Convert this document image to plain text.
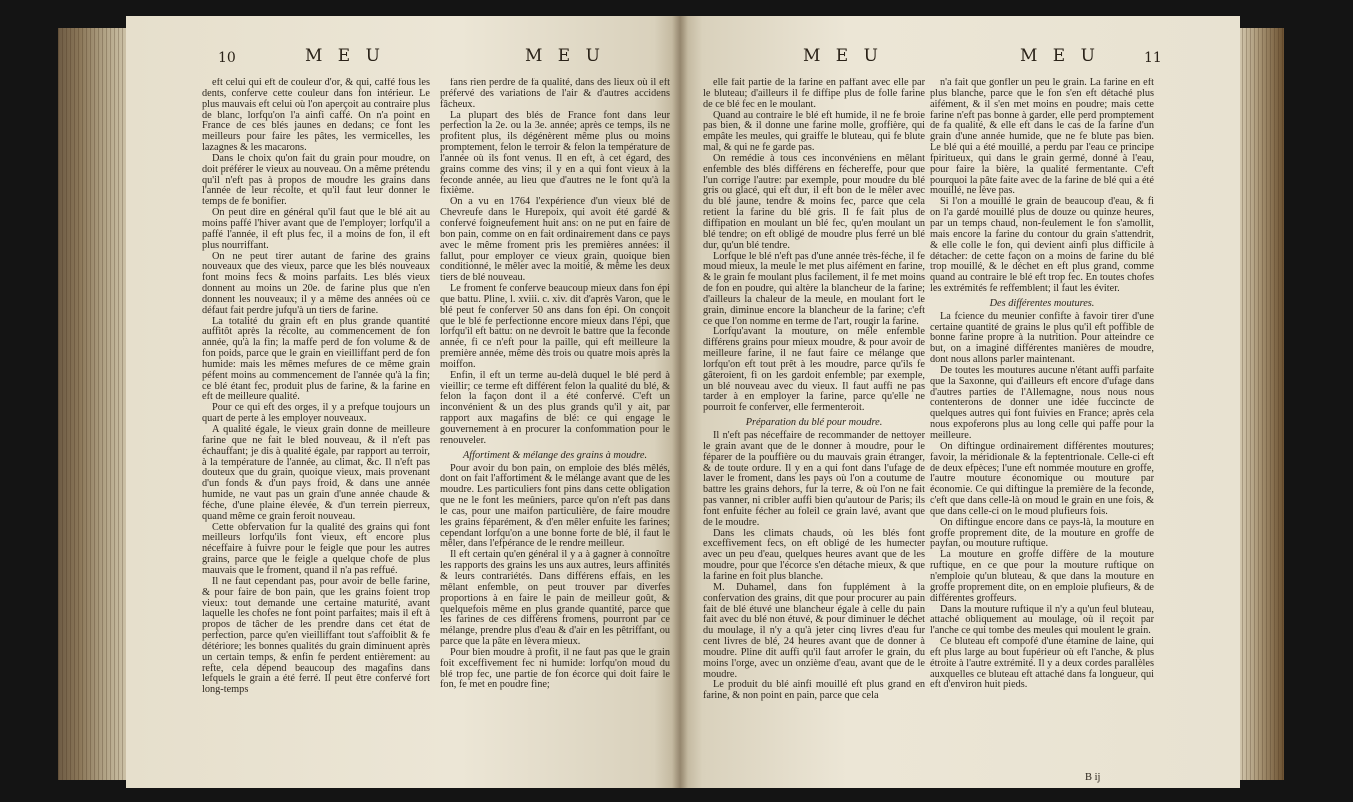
10	M E U	M E U	M E U	M E U	11

eft celui qui eft de couleur d'or, & qui, caffé fous les dents, conferve cette couleur dans fon intérieur. Le plus mauvais eft celui où l'on aperçoit au contraire plus de blanc, lorfqu'on l'a ainfi caffé. On n'a point en France de ces blés jaunes en dedans; ce font les meilleurs pour faire les pâtes, les vermicelles, les lazagnes & les macarons.

Dans le choix qu'on fait du grain pour moudre, on doit préférer le vieux au nouveau. On a même prétendu qu'il n'eft pas à propos de moudre les grains dans l'année de leur récolte, et qu'il faut leur donner le temps de fe bonifier.

On peut dire en général qu'il faut que le blé ait au moins paffé l'hiver avant que de l'employer; lorfqu'il a paffé l'année, il eft plus fec, il a moins de fon, il eft plus nourriffant.

On ne peut tirer autant de farine des grains nouveaux que des vieux, parce que les blés nouveaux font moins fecs & moins parfaits. Les blés vieux donnent au moins un 20e. de farine plus que n'en donnent les nouveaux; il y a même des années où ce défaut fait perdre jufqu'à un tiers de farine.

La totalité du grain eft en plus grande quantité auffitôt après la récolte, au commencement de fon année, qu'à la fin; la maffe perd de fon volume & de fon poids, parce que le grain en vieilliffant perd de fon humide: mais les mêmes mefures de ce même grain péfent moins au commencement de l'année qu'à la fin; ce blé étant fec, produit plus de farine, & la farine en eft de meilleure qualité.

Pour ce qui eft des orges, il y a prefque toujours un quart de perte à les employer nouveaux.

A qualité égale, le vieux grain donne de meilleure farine que ne fait le bled nouveau, & il n'eft pas échauffant; je dis à qualité égale, par rapport au terroir, à la température de l'année, au climat, &c. Il n'eft pas douteux que du grain, quoique vieux, mais provenant d'un fonds & d'un pays froid, & dans une année humide, ne vaut pas un grain d'une année chaude & féche, d'une plaine élevée, & d'un terrein pierreux, quand même ce grain feroit nouveau.

Cette obfervation fur la qualité des grains qui font meilleurs lorfqu'ils font vieux, eft encore plus néceffaire à fuivre pour le feigle que pour les autres grains, parce que le feigle a quelque chofe de plus mauvais que le froment, quand il n'a pas reffué.

Il ne faut cependant pas, pour avoir de belle farine, & pour faire de bon pain, que les grains foient trop vieux: tout demande une certaine maturité, avant laquelle les chofes ne font point parfaites; mais il eft à propos de tâcher de les prendre dans cet état de perfection, parce qu'en vieilliffant tout s'affoiblit & fe détériore; les bonnes qualités du grain diminuent après un certain temps, & enfin fe perdent entièrement: au refte, cela dépend beaucoup des magafins dans lefquels le grain a été ferré. Il peut être confervé fort long-temps

fans rien perdre de fa qualité, dans des lieux où il eft préfervé des variations de l'air & d'autres accidens fâcheux.

La plupart des blés de France font dans leur perfection la 2e. ou la 3e. année; après ce temps, ils ne profitent plus, ils dégénèrent même plus ou moins promptement, felon le terroir & felon la température de l'année où ils font venus. Il en eft, à cet égard, des grains comme des vins; il y en a qui font vieux à la feconde année, au lieu que d'autres ne le font qu'à la fixième.

On a vu en 1764 l'expérience d'un vieux blé de Chevreufe dans le Hurepoix, qui avoit été gardé & confervé foigneufement huit ans: on ne put en faire de bon pain, comme on en fait ordinairement dans ce pays avec le même froment pris les premières années: il fallut, pour employer ce vieux grain, quoique bien conditionné, le mêler avec la moitié, & même les deux tiers de blé nouveau.

Le froment fe conferve beaucoup mieux dans fon épi que battu. Pline, l. xviii. c. xiv. dit d'après Varon, que le blé peut fe conferver 50 ans dans fon épi. On conçoit que le blé fe perfectionne encore mieux dans l'épi, que lorfqu'il eft battu: on ne devroit le battre que la feconde année, fi ce n'eft pour la paille, qui eft meilleure la première année, même dès trois ou quatre mois après la moiffon.

Enfin, il eft un terme au-delà duquel le blé perd à vieillir; ce terme eft différent felon la qualité du blé, & felon la façon dont il a été confervé. C'eft un inconvénient & un des plus grands qu'il y ait, par rapport aux magafins de blé: ce qui engage le gouvernement à en procurer la confommation pour le renouveler.

Affortiment & mélange des grains à moudre.

Pour avoir du bon pain, on emploie des blés mêlés, dont on fait l'affortiment & le mélange avant que de les moudre. Les particuliers font pins dans cette obligation que ne le font les meûniers, parce qu'on n'eft pas dans le cas, pour une maifon particulière, de faire moudre les grains féparément, & d'en mêler enfuite les farines; cependant lorfqu'on a une bonne forte de blé, il faut le mêler, dans l'efpérance de le rendre meilleur.

Il eft certain qu'en général il y a à gagner à connoître les rapports des grains les uns aux autres, leurs affinités & leurs contrariétés. Dans différens effais, en les mêlant enfemble, on peut trouver par diverfes proportions à en faire le pain de meilleur goût, & quelquefois même en plus grande quantité, parce que les farines de ces différens fromens, pourront par ce mélange, prendre plus d'eau & d'air en les pêtriffant, ou parce que la pâte en lèvera mieux.

Pour bien moudre à profit, il ne faut pas que le grain foit exceffivement fec ni humide: lorfqu'on moud du blé trop fec, une partie de fon écorce qui doit faire le fon, fe met en poudre fine;

elle fait partie de la farine en paffant avec elle par le bluteau; d'ailleurs il fe diffipe plus de folle farine de ce blé fec en le moulant.

Quand au contraire le blé eft humide, il ne fe broie pas bien, & il donne une farine molle, groffière, qui empâte les meules, qui graiffe le bluteau, qui fe blute mal, & qui ne fe garde pas.

On remédie à tous ces inconvéniens en mêlant enfemble des blés différens en féchereffe, pour que l'un corrige l'autre: par exemple, pour moudre du blé gris ou glacé, qui eft dur, il eft bon de le mêler avec du blé jaune, tendre & moins fec, parce que cela retient la farine du blé gris. Il fe fait plus de diffipation en moulant un blé fec, qu'en moulant un blé tendre; on eft obligé de moudre plus ferré un blé dur, qu'un blé tendre.

Lorfque le blé n'eft pas d'une année très-féche, il fe moud mieux, la meule le met plus aifément en farine, & le grain fe moulant plus facilement, il fe met moins de fon en poudre, qui altère la blancheur de la farine; d'ailleurs la chaleur de la meule, en moulant fort le grain, diminue encore la blancheur de la farine; c'eft ce que l'on nomme en terme de l'art, rougir la farine.

Lorfqu'avant la mouture, on mêle enfemble différens grains pour mieux moudre, & pour avoir de meilleure farine, il ne faut faire ce mélange que lorfqu'on eft tout prêt à les moudre, parce qu'ils fe gâteroient, fi on les gardoit enfemble; par exemple, un blé nouveau avec du vieux. Il faut auffi ne pas tarder à en employer la farine, parce qu'elle ne pourroit fe conferver, elle fermenteroit.

Préparation du blé pour moudre.

Il n'eft pas néceffaire de recommander de nettoyer le grain avant que de le donner à moudre, pour le féparer de la pouffière ou du mauvais grain étranger, & de toute ordure. Il y en a qui font dans l'ufage de laver le froment, dans les pays où l'on a coutume de battre les grains dehors, fur la terre, & où l'on ne fait pas vanner, ni cribler auffi bien qu'autour de Paris; ils font enfuite fécher au foleil ce grain lavé, avant que de le moudre.

Dans les climats chauds, où les blés font exceffivement fecs, on eft obligé de les humecter avec un peu d'eau, quelques heures avant que de les moudre, pour que l'écorce s'en détache mieux, & que la farine en foit plus blanche.

M. Duhamel, dans fon fupplément à la confervation des grains, dit que pour procurer au pain fait de blé étuvé une blancheur égale à celle du pain fait avec du blé non étuvé, & pour diminuer le déchet du moulage, il n'y a qu'à jeter cinq livres d'eau fur cent livres de blé, 24 heures avant que de donner à moudre. Pline dit auffi qu'il faut arrofer le grain, du moins l'orge, avec un onzième d'eau, avant que de le moudre.

Le produit du blé ainfi mouillé eft plus grand en farine, & non point en pain, parce que cela

n'a fait que gonfler un peu le grain. La farine en eft plus blanche, parce que le fon s'en eft détaché plus aifément, & il s'en met moins en poudre; mais cette farine n'eft pas bonne à garder, elle perd promptement de fa qualité, & elle eft dans le cas de la farine d'un grain d'une année humide, que ne fe blute pas bien. Le blé qui a été mouillé, a perdu par l'eau ce principe fpiritueux, qui dans le grain germé, donné à l'eau, pour faire la bière, la qualité fermentante. C'eft pourquoi la pâte faite avec de la farine de blé qui a été mouillé, ne lève pas.

Si l'on a mouillé le grain de beaucoup d'eau, & fi on l'a gardé mouillé plus de douze ou quinze heures, par un temps chaud, non-feulement le fon s'amollit, mais encore la farine du contour du grain s'attendrit, & elle colle le fon, qui devient ainfi plus difficile à détacher: de cette façon on a moins de farine du blé trop mouillé, & le déchet en eft plus grand, comme quand au contraire le blé eft trop fec. En toutes chofes les extrémités fe reffemblent; il faut les éviter.

Des différentes moutures.

La fcience du meunier confifte à favoir tirer d'une certaine quantité de grains le plus qu'il eft poffible de bonne farine propre à la nutrition. Pour atteindre ce but, on a imaginé différentes manières de moudre, dont nous allons parler maintenant.

De toutes les moutures aucune n'étant auffi parfaite que la Saxonne, qui d'ailleurs eft encore d'ufage dans d'autres parties de l'Allemagne, nous nous nous contenterons de donner une idée fuccincte de quelques autres qui font fuivies en France; après cela nous expoferons plus au long celle qui paffe pour la meilleure.

On diftingue ordinairement différentes moutures; favoir, la méridionale & la feptentrionale. Celle-ci eft de deux efpèces; l'une eft nommée mouture en groffe, l'autre mouture économique ou mouture par économie. Ce qui diftingue la première de la feconde, c'eft que dans celle-là on moud le grain en une fois, & que dans celle-ci on le moud plufieurs fois.

On diftingue encore dans ce pays-là, la mouture en groffe proprement dite, de la mouture en groffe de payfan, ou mouture ruftique.

La mouture en groffe diffère de la mouture ruftique, en ce que pour la mouture ruftique on n'emploie qu'un bluteau, & que dans la mouture en groffe proprement dite, on en emploie plufieurs, & de différentes groffeurs.

Dans la mouture ruftique il n'y a qu'un feul bluteau, attaché obliquement au moulage, où il reçoit par l'anche ce qui tombe des meules qui moulent le grain.

Ce bluteau eft compofé d'une étamine de laine, qui eft plus large au bout fupérieur où eft l'anche, & plus étroite à l'autre extrémité. Il y a deux cordes parallèles auxquelles ce bluteau eft attaché dans fa longueur, qui eft d'environ huit pieds.

B ij
